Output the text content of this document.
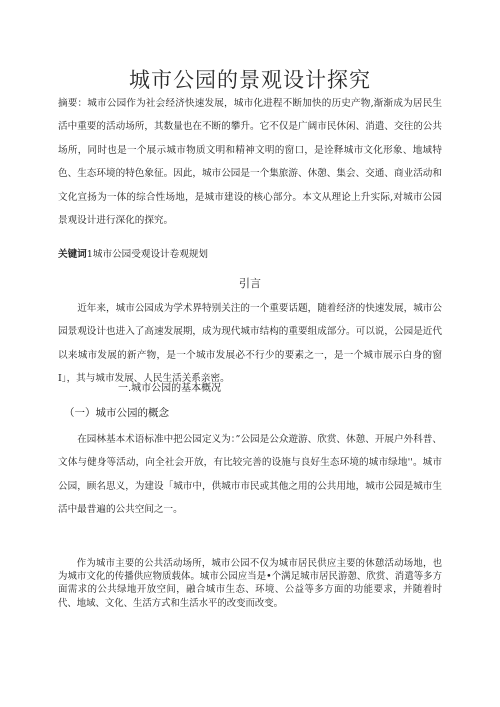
城市公园的景观设计探究
摘要：城市公园作为社会经济快速发展，城市化进程不断加快的历史产物,渐渐成为居民生活中重要的活动场所，其数量也在不断的攀升。它不仅是广阔市民休闲、消遣、交往的公共场所，同时也是一个展示城市物质文明和精神文明的窗口，是诠释城市文化形象、地域特色、生态环境的特色象征。因此，城市公园是一个集旅游、休憩、集会、交通、商业活动和文化宣扬为一体的综合性场地，是城市建设的核心部分。本文从理论上升实际,对城市公园景观设计进行深化的探究。
关键词1城市公园受观设计卷观规划
引言
近年来，城市公园成为学术界特别关注的一个重要话题，随着经济的快速发展，城市公园景观设计也进入了高速发展期，成为现代城市结构的重要组成部分。可以说，公园是近代以来城市发展的新产物，是一个城市发展必不行少的要素之一，是一个城市展示白身的窗I」，其与城市发展、人民生活关系亲密。
一.城市公园的基本概况
（一）城市公园的概念
在园林基本术语标准中把公园定义为：”公园是公众遊游、欣赏、休憩、开展户外科普、文体与健身等活动，向全社会开放，有比较完善的设施与良好生态环境的城市绿地''。城市公园，顾名思义，为建设「城市中，供城市市民或其他之用的公共用地，城市公园是城市生活中最普遍的公共空间之一。
作为城市主要的公共活动场所，城市公园不仅为城市居民供应主要的休憩活动场地，也为城市文化的传播供应物质载体。城市公园应当是•个满足城市居民游憩、欣赏、消遣等多方面需求的公共绿地开放空间，融合城市生态、环境、公益等多方面的功能要求，并随着时代、地域、文化、生活方式和生活水平的改变而改变。
